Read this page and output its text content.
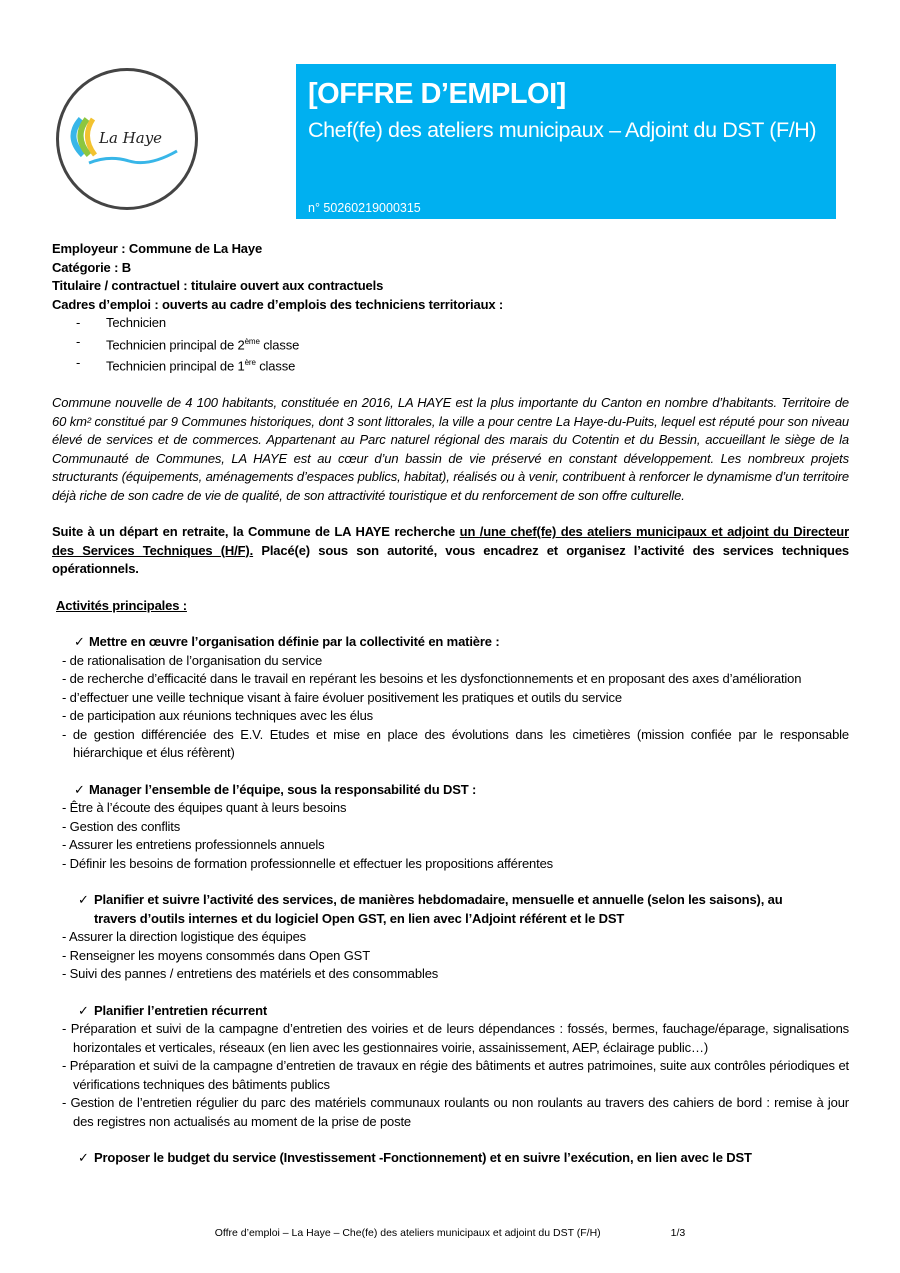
La Haye
[OFFRE D’EMPLOI]
Chef(fe) des ateliers municipaux – Adjoint du DST (F/H)
n° 50260219000315
Employeur : Commune de La Haye
Catégorie : B
Titulaire / contractuel : titulaire ouvert aux contractuels
Cadres d’emploi : ouverts au cadre d’emplois des techniciens territoriaux :
- Technicien
- Technicien principal de 2ème classe
- Technicien principal de 1ère classe
Commune nouvelle de 4 100 habitants, constituée en 2016, LA HAYE est la plus importante du Canton en nombre d’habitants. Territoire de 60 km² constitué par 9 Communes historiques, dont 3 sont littorales, la ville a pour centre La Haye-du-Puits, lequel est réputé pour son niveau élevé de services et de commerces. Appartenant au Parc naturel régional des marais du Cotentin et du Bessin, accueillant le siège de la Communauté de Communes, LA HAYE est au cœur d’un bassin de vie préservé en constant développement. Les nombreux projets structurants (équipements, aménagements d’espaces publics, habitat), réalisés ou à venir, contribuent à renforcer le dynamisme d’un territoire déjà riche de son cadre de vie de qualité, de son attractivité touristique et du renforcement de son offre culturelle.
Suite à un départ en retraite, la Commune de LA HAYE recherche un /une chef(fe) des ateliers municipaux et adjoint du Directeur des Services Techniques (H/F). Placé(e) sous son autorité, vous encadrez et organisez l’activité des services techniques opérationnels.
Activités principales :
✓ Mettre en œuvre l’organisation définie par la collectivité en matière :
- de rationalisation de l’organisation du service
- de recherche d’efficacité dans le travail en repérant les besoins et les dysfonctionnements et en proposant des axes d’amélioration
- d’effectuer une veille technique visant à faire évoluer positivement les pratiques et outils du service
- de participation aux réunions techniques avec les élus
- de gestion différenciée des E.V. Etudes et mise en place des évolutions dans les cimetières (mission confiée par le responsable hiérarchique et élus réfèrent)
✓ Manager l’ensemble de l’équipe, sous la responsabilité du DST :
- Être à l’écoute des équipes quant à leurs besoins
- Gestion des conflits
- Assurer les entretiens professionnels annuels
- Définir les besoins de formation professionnelle et effectuer les propositions afférentes
✓ Planifier et suivre l’activité des services, de manières hebdomadaire, mensuelle et annuelle (selon les saisons), au travers d’outils internes et du logiciel Open GST, en lien avec l’Adjoint référent et le DST
- Assurer la direction logistique des équipes
- Renseigner les moyens consommés dans Open GST
- Suivi des pannes / entretiens des matériels et des consommables
✓ Planifier l’entretien récurrent
- Préparation et suivi de la campagne d’entretien des voiries et de leurs dépendances : fossés, bermes, fauchage/éparage, signalisations horizontales et verticales, réseaux (en lien avec les gestionnaires voirie, assainissement, AEP, éclairage public…)
- Préparation et suivi de la campagne d’entretien de travaux en régie des bâtiments et autres patrimoines, suite aux contrôles périodiques et vérifications techniques des bâtiments publics
- Gestion de l’entretien régulier du parc des matériels communaux roulants ou non roulants au travers des cahiers de bord : remise à jour des registres non actualisés au moment de la prise de poste
✓ Proposer le budget du service (Investissement -Fonctionnement) et en suivre l’exécution, en lien avec le DST
Offre d’emploi – La Haye – Che(fe) des ateliers municipaux et adjoint du DST (F/H)	1/3
